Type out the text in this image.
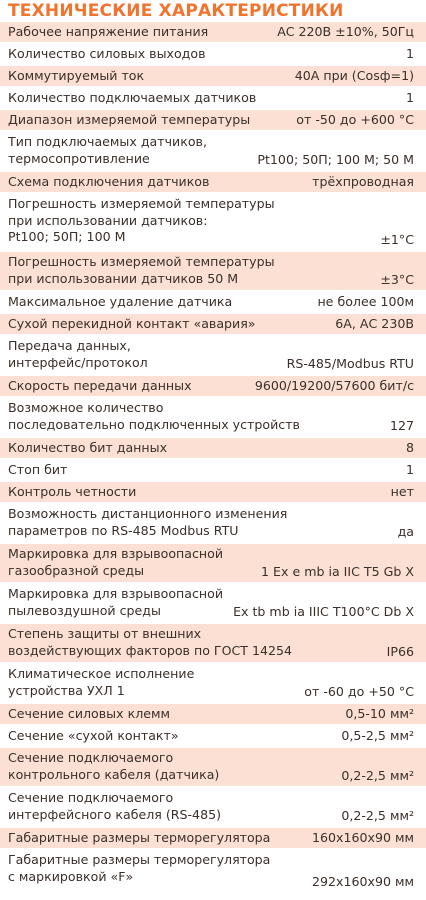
ТЕХНИЧЕСКИЕ ХАРАКТЕРИСТИКИ
Рабочее напряжение питания	AC 220В ±10%, 50Гц
Количество силовых выходов	1
Коммутируемый ток	40А при (Cosф=1)
Количество подключаемых датчиков	1
Диапазон измеряемой температуры	от -50 до +600 °С
Тип подключаемых датчиков,
термосопротивление	Pt100; 50П; 100 М; 50 М
Схема подключения датчиков	трёхпроводная
Погрешность измеряемой температуры
при использовании датчиков:
Pt100; 50П; 100 М	±1°С
Погрешность измеряемой температуры
при использовании датчиков 50 М	±3°С
Максимальное удаление датчика	не более 100м
Сухой перекидной контакт «авария»	6А, АС 230В
Передача данных,
интерфейс/протокол	RS-485/Modbus RTU
Скорость передачи данных	9600/19200/57600 бит/с
Возможное количество
последовательно подключенных устройств	127
Количество бит данных	8
Стоп бит	1
Контроль четности	нет
Возможность дистанционного изменения
параметров по RS-485 Modbus RTU	да
Маркировка для взрывоопасной
газообразной среды	1 Ex e mb ia IIC T5 Gb X
Маркировка для взрывоопасной
пылевоздушной среды	Ex tb mb ia IIIC T100°C Db X
Степень защиты от внешних
воздействующих факторов по ГОСТ 14254	IP66
Климатическое исполнение
устройства УХЛ 1	от -60 до +50 °С
Сечение силовых клемм	0,5-10 мм²
Сечение «сухой контакт»	0,5-2,5 мм²
Сечение подключаемого
контрольного кабеля (датчика)	0,2-2,5 мм²
Сечение подключаемого
интерфейсного кабеля (RS-485)	0,2-2,5 мм²
Габаритные размеры терморегулятора	160х160х90 мм
Габаритные размеры терморегулятора
с маркировкой «F»	292х160х90 мм
